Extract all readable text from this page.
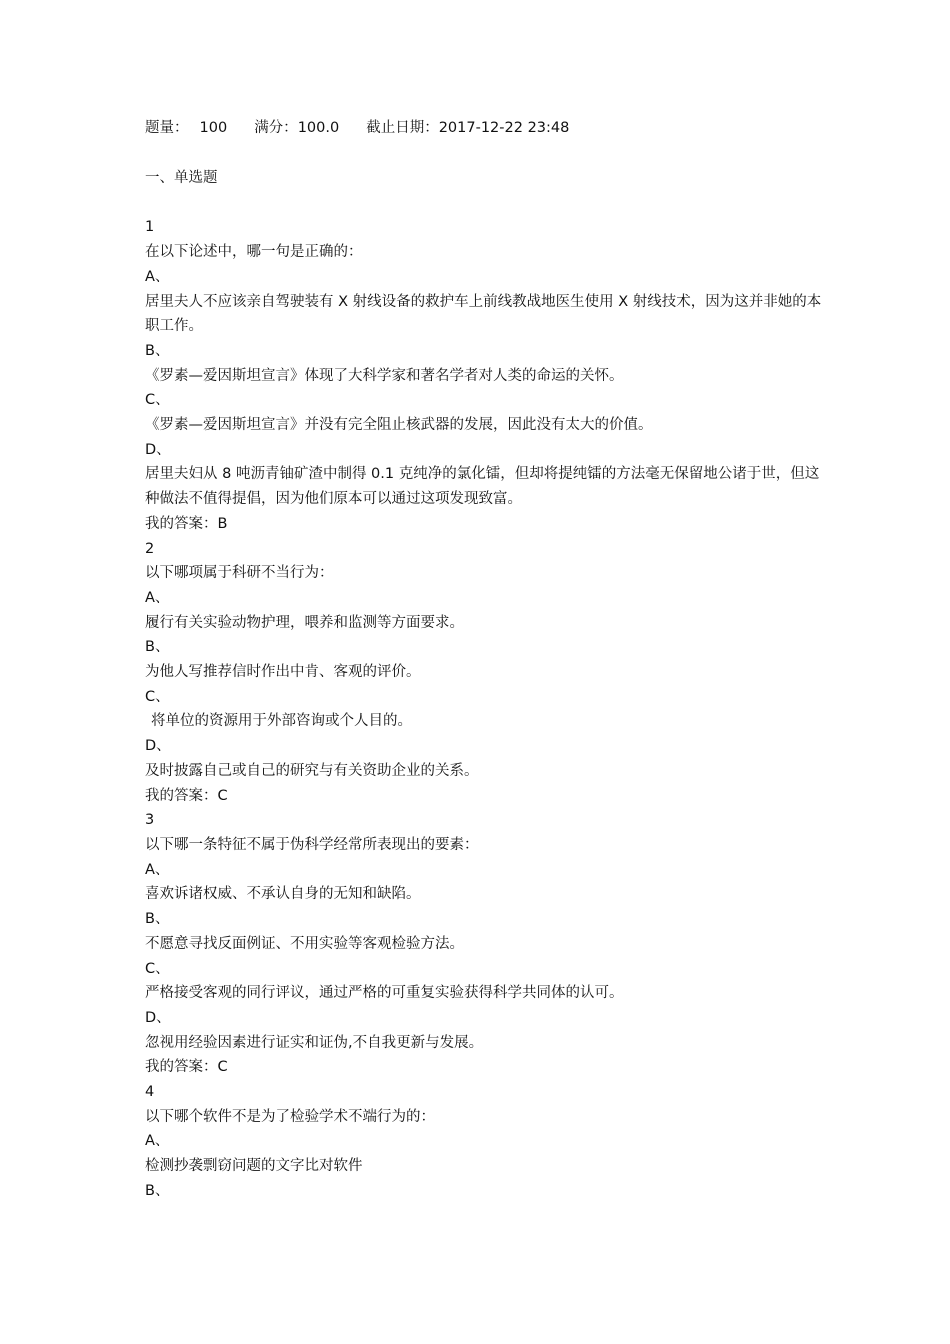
题量： 100 满分： 100.0 截止日期： 2017-12-22 23:48
一、单选题

1

在以下论述中，哪一句是正确的：

A、

居里夫人不应该亲自驾驶装有 X 射线设备的救护车上前线教战地医生使用 X 射线技术，因为这并非她的本职工作。

B、

《罗素—爱因斯坦宣言》体现了大科学家和著名学者对人类的命运的关怀。

C、

《罗素—爱因斯坦宣言》并没有完全阻止核武器的发展，因此没有太大的价值。

D、

居里夫妇从 8 吨沥青铀矿渣中制得 0.1 克纯净的氯化镭，但却将提纯镭的方法毫无保留地公诸于世，但这种做法不值得提倡，因为他们原本可以通过这项发现致富。

我的答案：B

2

以下哪项属于科研不当行为：

A、

履行有关实验动物护理，喂养和监测等方面要求。

B、

为他人写推荐信时作出中肯、客观的评价。

C、

将单位的资源用于外部咨询或个人目的。

D、

及时披露自己或自己的研究与有关资助企业的关系。

我的答案：C

3

以下哪一条特征不属于伪科学经常所表现出的要素：

A、

喜欢诉诸权威、不承认自身的无知和缺陷。

B、

不愿意寻找反面例证、不用实验等客观检验方法。

C、

严格接受客观的同行评议，通过严格的可重复实验获得科学共同体的认可。

D、

忽视用经验因素进行证实和证伪,不自我更新与发展。

我的答案：C

4

以下哪个软件不是为了检验学术不端行为的：

A、

检测抄袭剽窃问题的文字比对软件

B、
